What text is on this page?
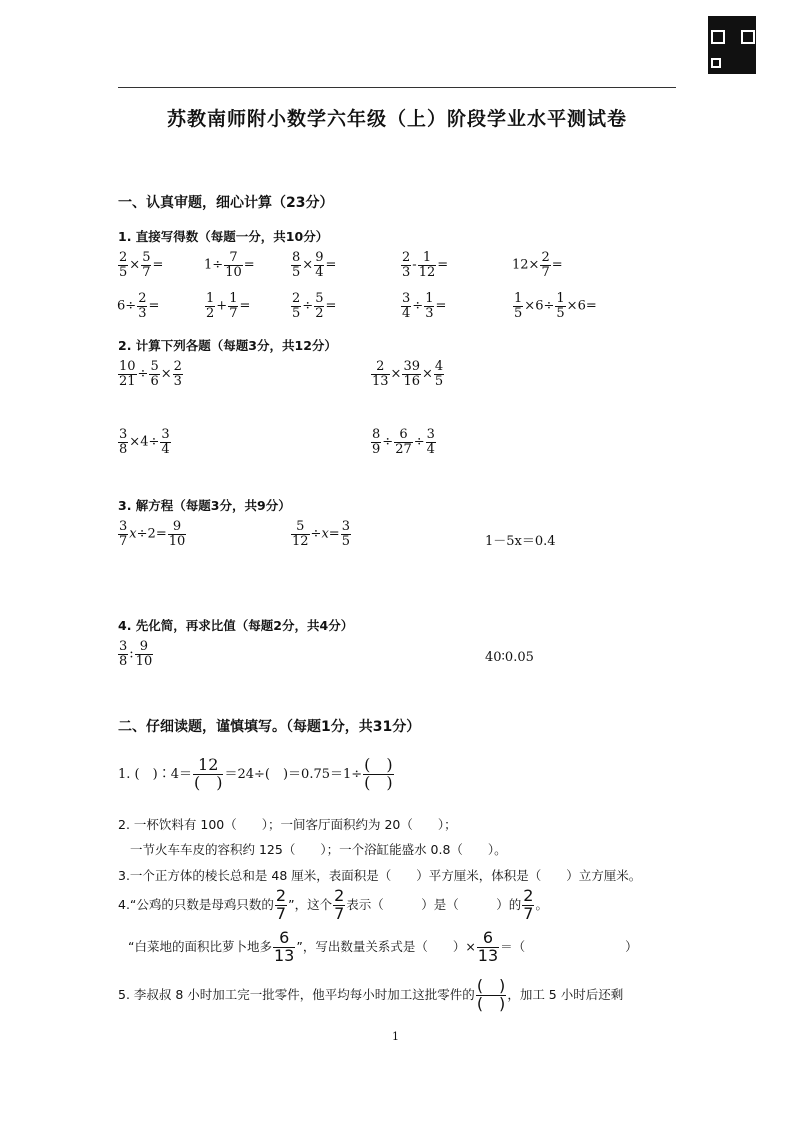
苏教南师附小数学六年级（上）阶段学业水平测试卷
一、认真审题，细心计算（23分）
1. 直接写得数（每题一分，共10分）
$\frac{2}{5} \times \frac{5}{7}$ =	$1\div \frac{7}{10}$ =	$\frac{8}{5} \times \frac{9}{4}$ =	$\frac{2}{3} - \frac{1}{12}$ =	$12\times \frac{2}{7}$ =
$6\div \frac{2}{3}$ =	$\frac{1}{2} + \frac{1}{7}$ =	$\frac{2}{5} \div \frac{5}{2}$ =	$\frac{3}{4} \div \frac{1}{3}$ =	$\frac{1}{5} \times 6\div \frac{1}{5} \times 6=$
2. 计算下列各题（每题3分，共12分）
$\frac{10}{21} \div \frac{5}{6} \times \frac{2}{3}$	$\frac{2}{13} \times \frac{39}{16} \times \frac{4}{5}$
$\frac{3}{8} \times 4\div \frac{3}{4}$	$\frac{8}{9} \div \frac{6}{27} \div \frac{3}{4}$
3. 解方程（每题3分，共9分）
$\frac{3}{7} x\div 2= \frac{9}{10}$	$\frac{5}{12} \div x= \frac{3}{5}$	1－5x＝0.4
4. 先化简，再求比值（每题2分，共4分）
$\frac{3}{8}$ : $\frac{9}{10}$	40∶0.05
二、仔细读题，谨慎填写。（每题1分，共31分）
1. (　)∶4＝ $\frac{12}{( )} =24\div$(　)$=0.75=1\div \frac{( )}{( )}$
2. 一杯饮料有 100（　　）；一间客厅面积约为 20（　　）；
一节火车车皮的容积约 125（　　）；一个浴缸能盛水 0.8（　　）。
3.一个正方体的棱长总和是 48 厘米，表面积是（　　）平方厘米，体积是（　　）立方厘米。
4.“公鸡的只数是母鸡只数的 $\frac{2}{7}$ ”，这个 $\frac{2}{7}$ 表示（　　　）是（　　　）的 $\frac{2}{7}$ 。
“白菜地的面积比萝卜地多 $\frac{6}{13}$ ”，写出数量关系式是（　　）× $\frac{6}{13}$ ＝（　　　　　　　　）
5. 李叔叔 8 小时加工完一批零件，他平均每小时加工这批零件的 $\frac{( )}{( )}$ ，加工 5 小时后还剩
1
